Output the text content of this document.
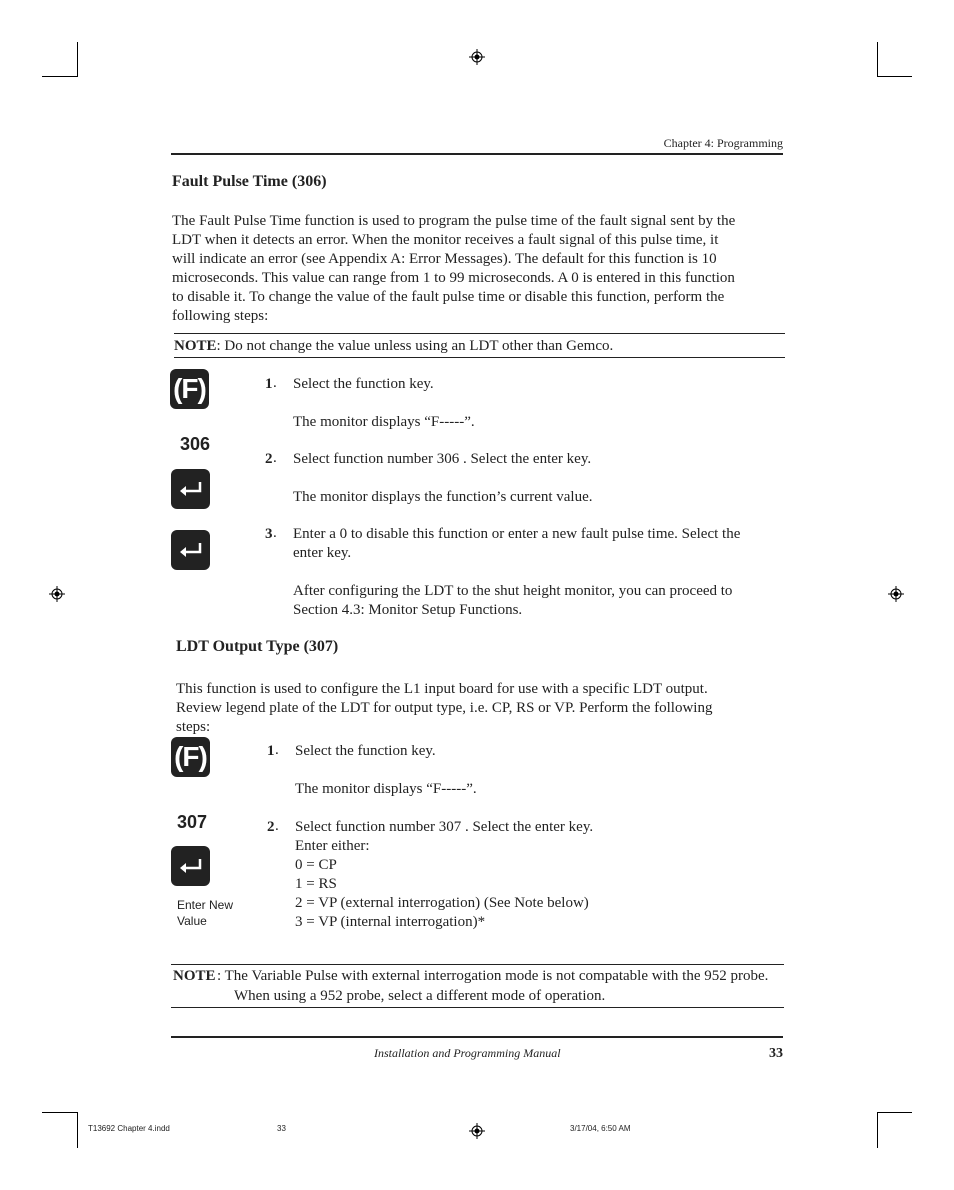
Chapter 4: Programming
Fault Pulse Time (306)
The Fault Pulse Time function is used to program the pulse time of the fault signal sent by the
LDT when it detects an error. When the monitor receives a fault signal of this pulse time, it
will indicate an error (see Appendix A: Error Messages). The default for this function is 10
microseconds. This value can range from 1 to 99 microseconds. A 0 is entered in this function
to disable it. To change the value of the fault pulse time or disable this function, perform the
following steps:
NOTE: Do not change the value unless using an LDT other than Gemco.
(F)
306
1 . Select the function key.
The monitor displays “F-----”.
2 . Select function number 306 . Select the enter key.
The monitor displays the function’s current value.
3 . Enter a 0 to disable this function or enter a new fault pulse time. Select the
enter key.
After configuring the LDT to the shut height monitor, you can proceed to
Section 4.3: Monitor Setup Functions.
LDT Output Type (307)
This function is used to configure the L1 input board for use with a specific LDT output.
Review legend plate of the LDT for output type, i.e. CP, RS or VP. Perform the following
steps:
(F)
307
Enter New
Value
1 . Select the function key.
The monitor displays “F-----”.
2 . Select function number 307 . Select the enter key.
Enter either:
0 = CP
1 = RS
2 = VP (external interrogation) (See Note below)
3 = VP (internal interrogation)*
NOTE : The Variable Pulse with external interrogation mode is not compatable with the 952 probe.
When using a 952 probe, select a different mode of operation.
Installation and Programming Manual	33
T13692 Chapter 4.indd	33	3/17/04, 6:50 AM
